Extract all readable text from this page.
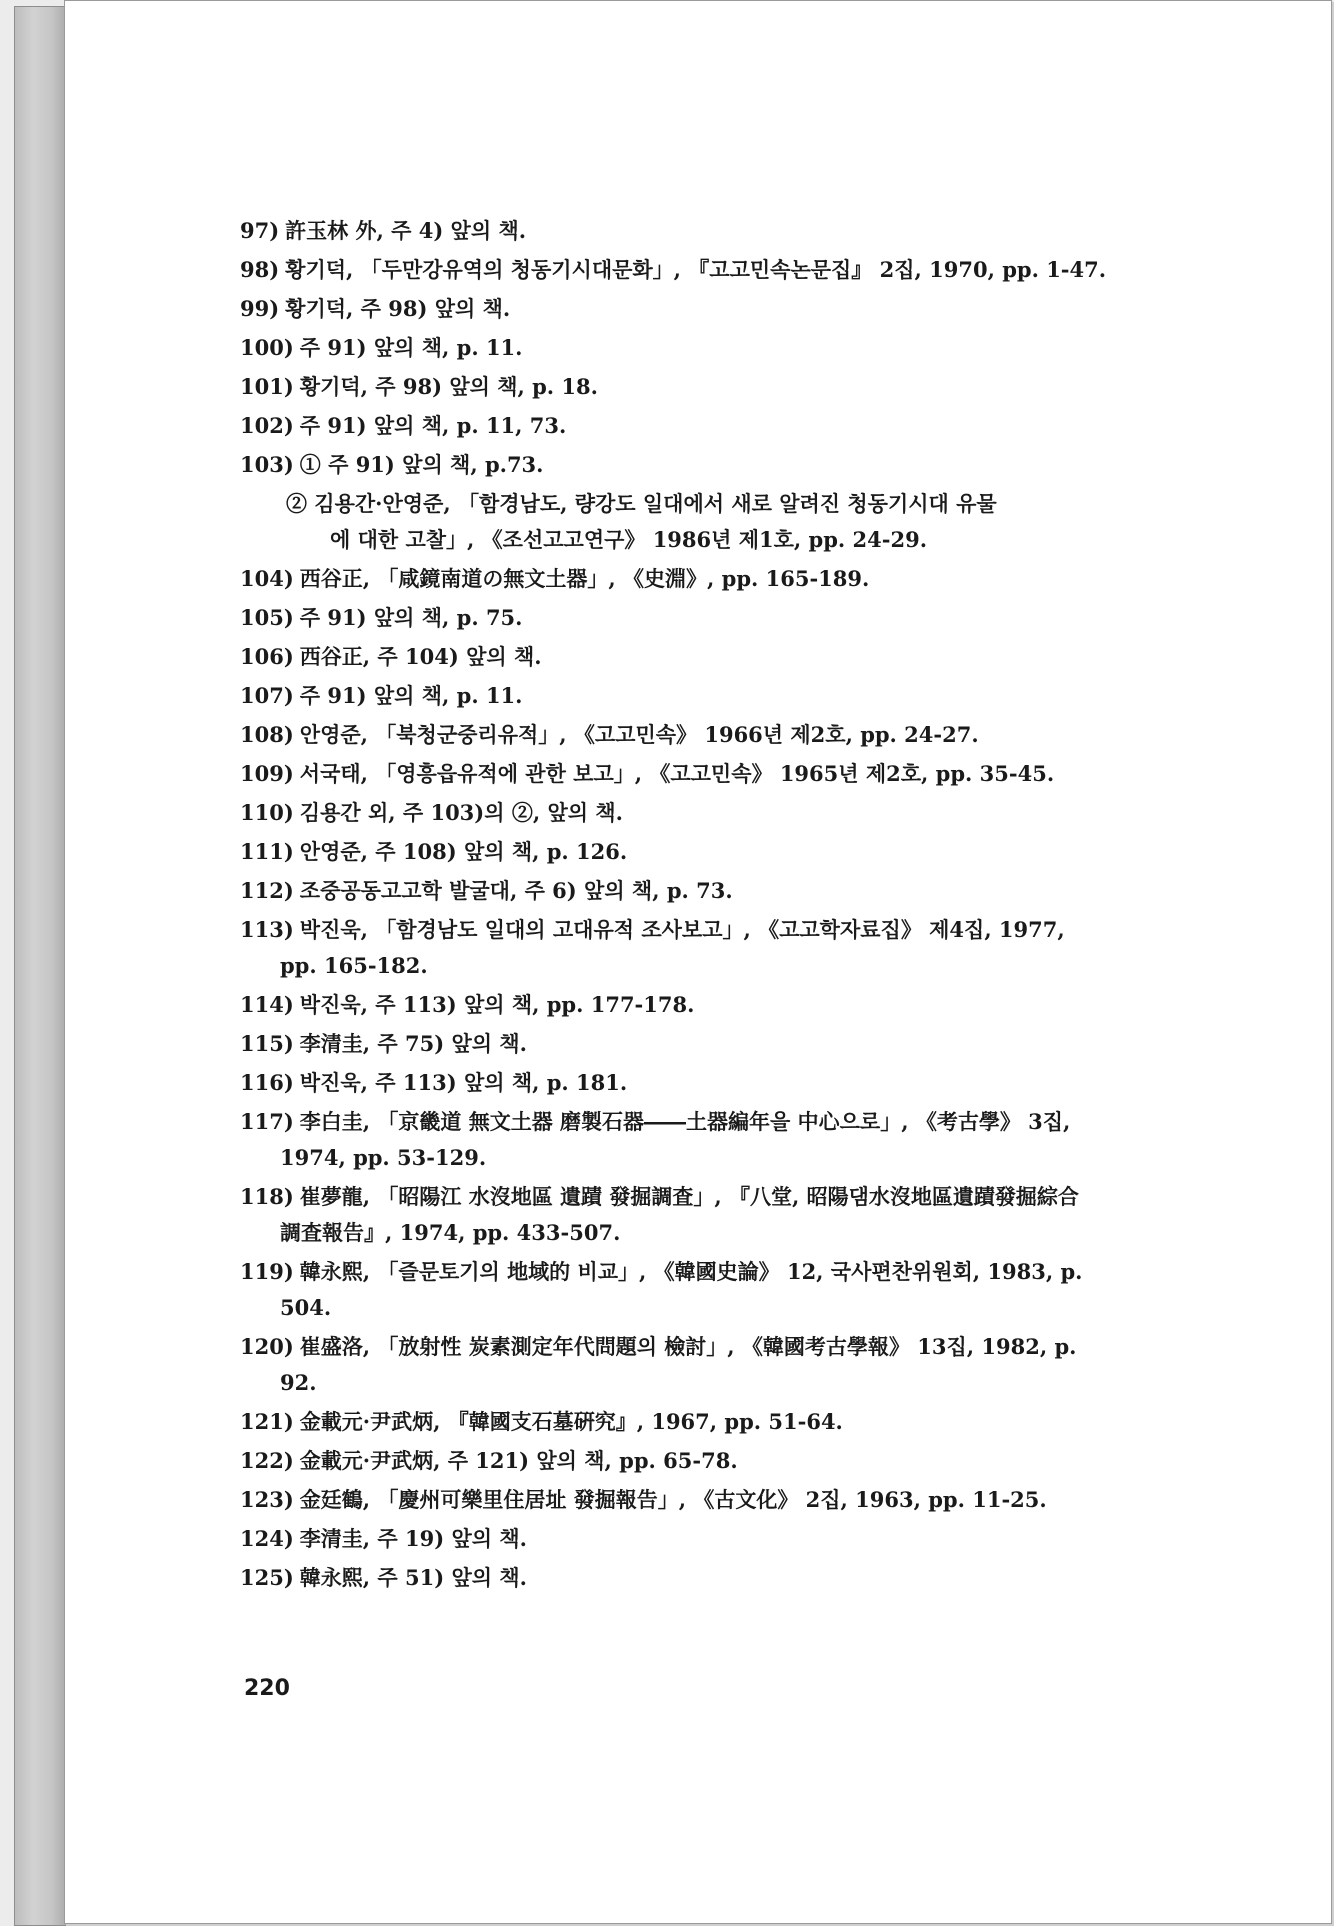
97) 許玉林 外, 주 4) 앞의 책.
98) 황기덕, 「두만강유역의 청동기시대문화」, 『고고민속논문집』 2집, 1970, pp. 1-47.
99) 황기덕, 주 98) 앞의 책.
100) 주 91) 앞의 책, p. 11.
101) 황기덕, 주 98) 앞의 책, p. 18.
102) 주 91) 앞의 책, p. 11, 73.
103) ① 주 91) 앞의 책, p.73.
② 김용간·안영준, 「함경남도, 량강도 일대에서 새로 알려진 청동기시대 유물
에 대한 고찰」, 《조선고고연구》 1986년 제1호, pp. 24-29.
104) 西谷正, 「咸鏡南道の無文土器」, 《史淵》, pp. 165-189.
105) 주 91) 앞의 책, p. 75.
106) 西谷正, 주 104) 앞의 책.
107) 주 91) 앞의 책, p. 11.
108) 안영준, 「북청군중리유적」, 《고고민속》 1966년 제2호, pp. 24-27.
109) 서국태, 「영흥읍유적에 관한 보고」, 《고고민속》 1965년 제2호, pp. 35-45.
110) 김용간 외, 주 103)의 ②, 앞의 책.
111) 안영준, 주 108) 앞의 책, p. 126.
112) 조중공동고고학 발굴대, 주 6) 앞의 책, p. 73.
113) 박진욱, 「함경남도 일대의 고대유적 조사보고」, 《고고학자료집》 제4집, 1977,
pp. 165-182.
114) 박진욱, 주 113) 앞의 책, pp. 177-178.
115) 李清圭, 주 75) 앞의 책.
116) 박진욱, 주 113) 앞의 책, p. 181.
117) 李白圭, 「京畿道 無文土器 磨製石器――土器編年을 中心으로」, 《考古學》 3집,
1974, pp. 53-129.
118) 崔夢龍, 「昭陽江 水沒地區 遺蹟 發掘調査」, 『八堂, 昭陽댐水沒地區遺蹟發掘綜合
調査報告』, 1974, pp. 433-507.
119) 韓永熙, 「즐문토기의 地域的 비교」, 《韓國史論》 12, 국사편찬위원회, 1983, p.
504.
120) 崔盛洛, 「放射性 炭素測定年代問題의 檢討」, 《韓國考古學報》 13집, 1982, p.
92.
121) 金載元·尹武炳, 『韓國支石墓硏究』, 1967, pp. 51-64.
122) 金載元·尹武炳, 주 121) 앞의 책, pp. 65-78.
123) 金廷鶴, 「慶州可樂里住居址 發掘報告」, 《古文化》 2집, 1963, pp. 11-25.
124) 李清圭, 주 19) 앞의 책.
125) 韓永熙, 주 51) 앞의 책.
220
